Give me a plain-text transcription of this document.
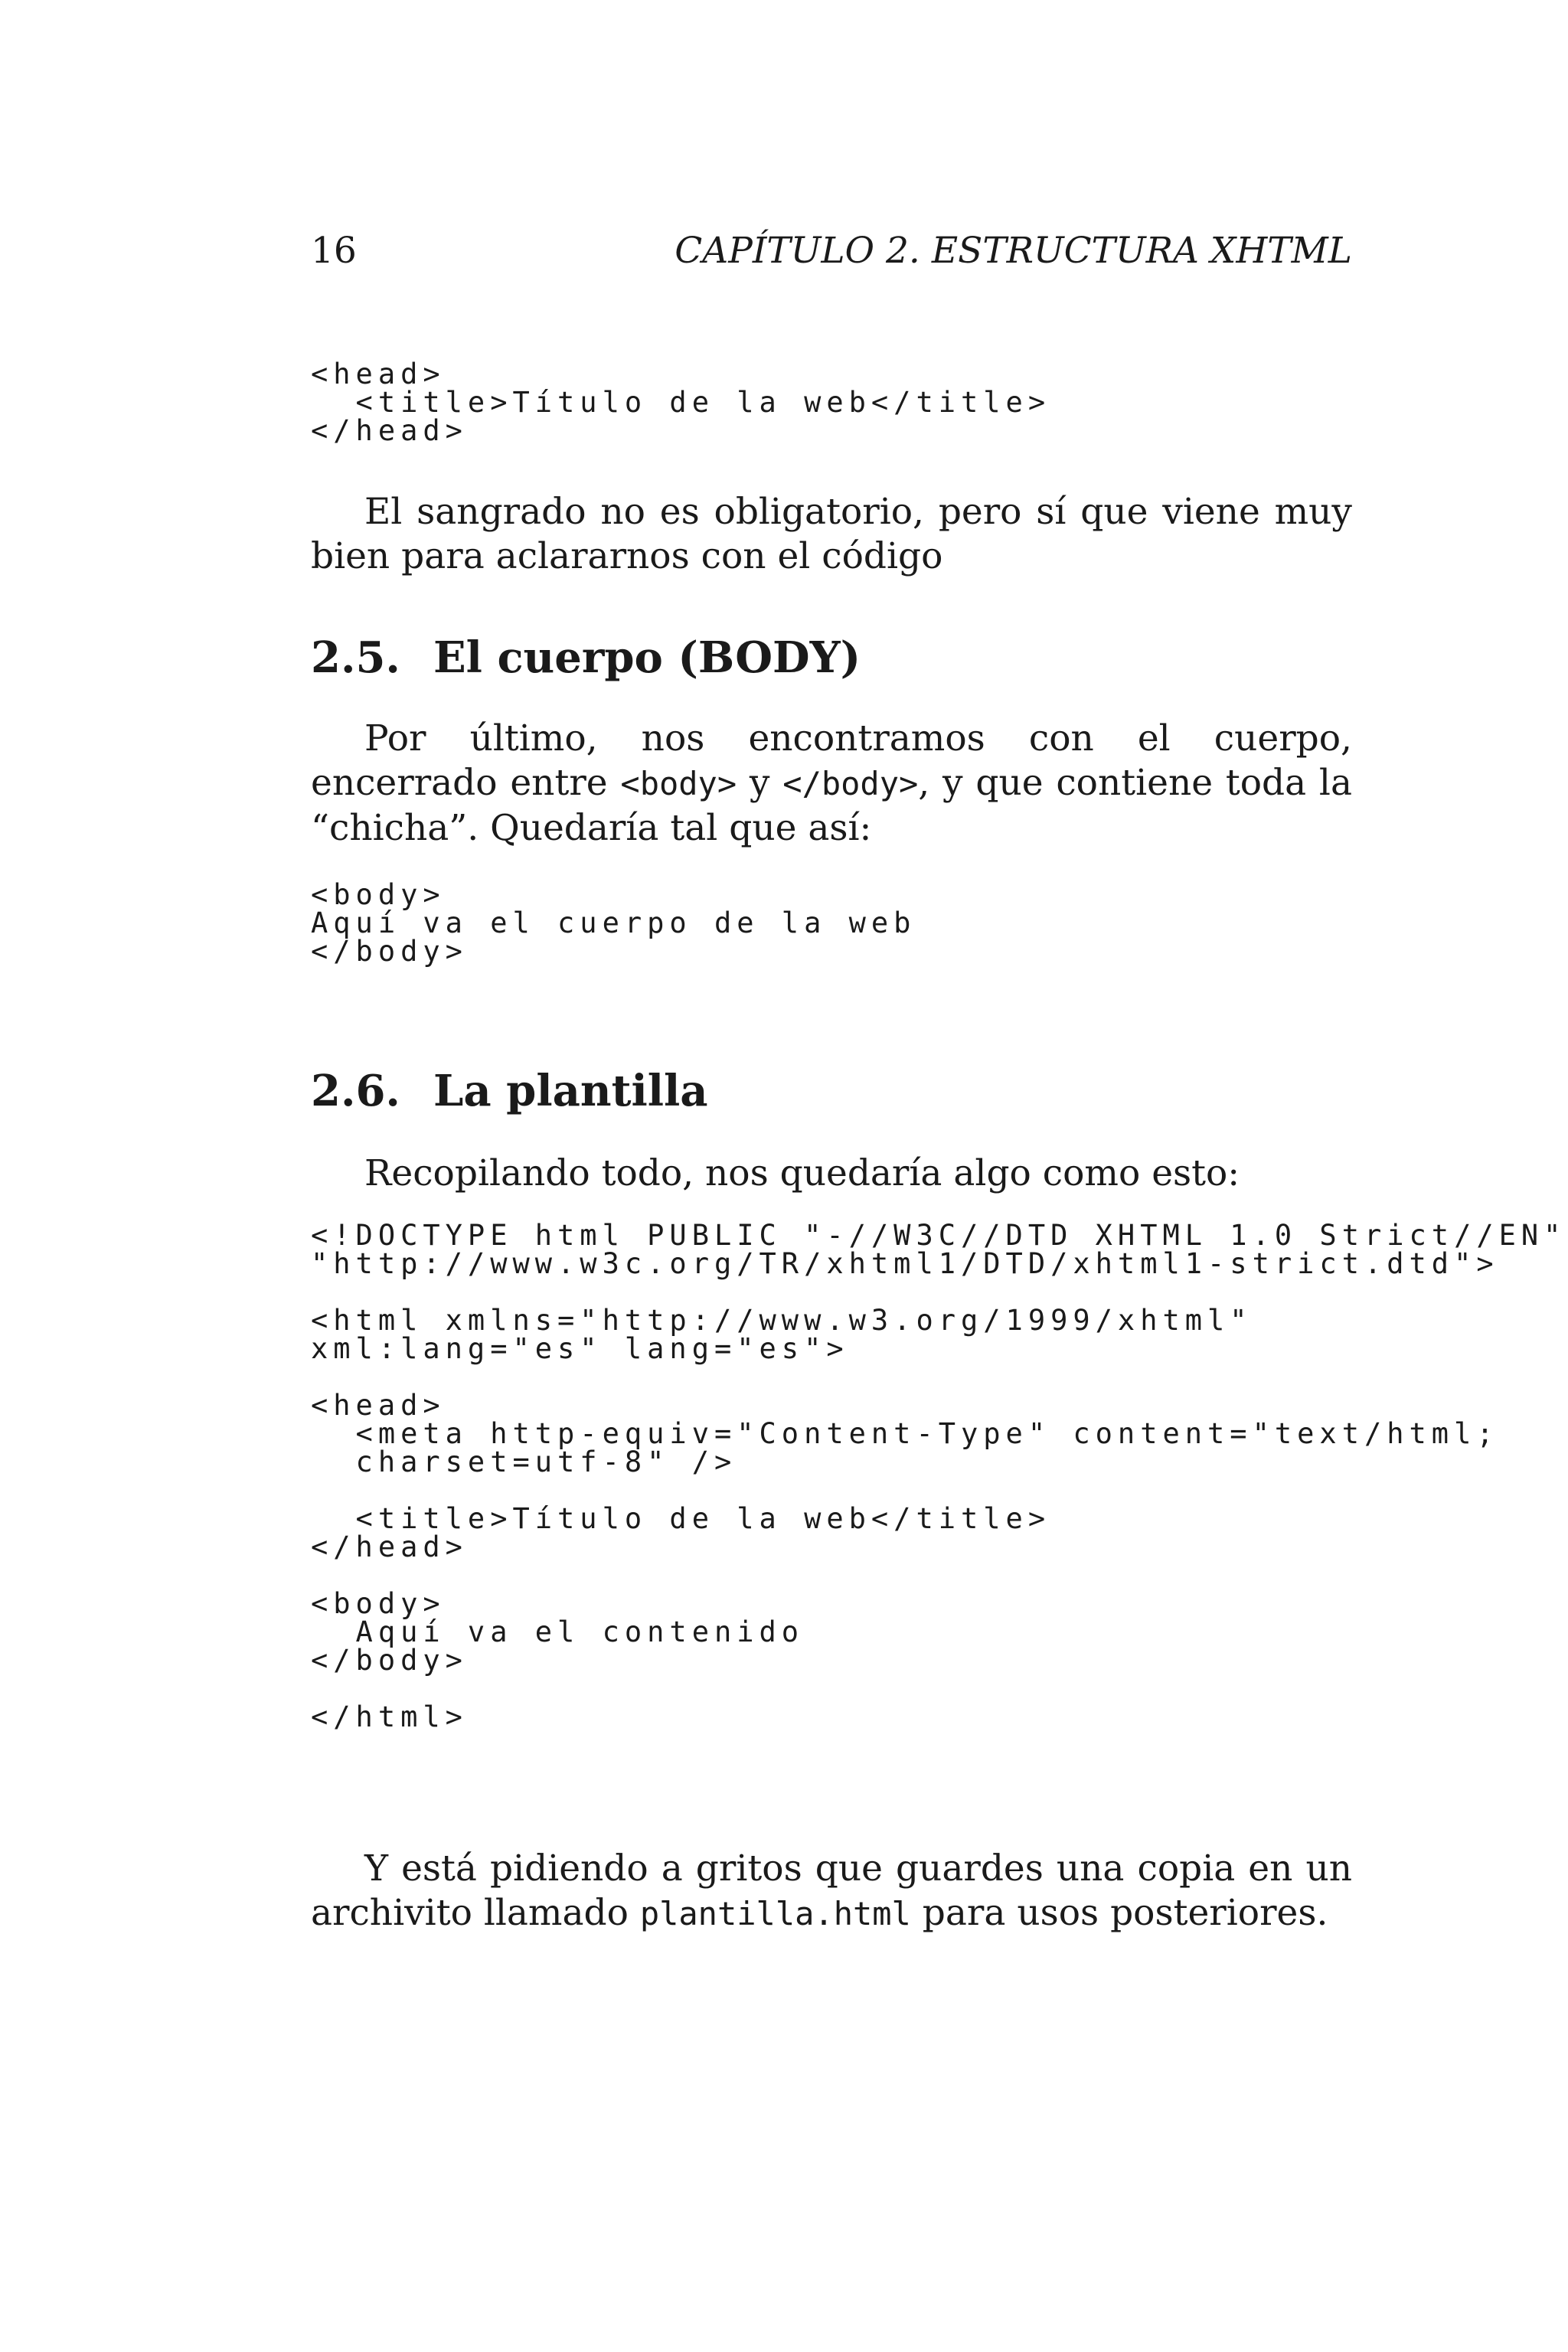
16	CAPÍTULO 2. ESTRUCTURA XHTML
<head>
<title>Título de la web</title>
</head>

El sangrado no es obligatorio, pero sí que viene muy bien para aclararnos con el código

2.5. El cuerpo (BODY)

Por último, nos encontramos con el cuerpo, encerrado entre <body> y </body>, y que contiene toda la “chicha”. Quedaría tal que así:

<body>
Aquí va el cuerpo de la web
</body>
2.6. La plantilla

Recopilando todo, nos quedaría algo como esto:

<!DOCTYPE html PUBLIC "-//W3C//DTD XHTML 1.0 Strict//EN"
"http://www.w3c.org/TR/xhtml1/DTD/xhtml1-strict.dtd">

<html xmlns="http://www.w3.org/1999/xhtml"
xml:lang="es" lang="es">

<head>
<meta http-equiv="Content-Type" content="text/html;
charset=utf-8" />

<title>Título de la web</title>
</head>

<body>
Aquí va el contenido
</body>

</html>

Y está pidiendo a gritos que guardes una copia en un archivito llamado plantilla.html para usos posteriores.
